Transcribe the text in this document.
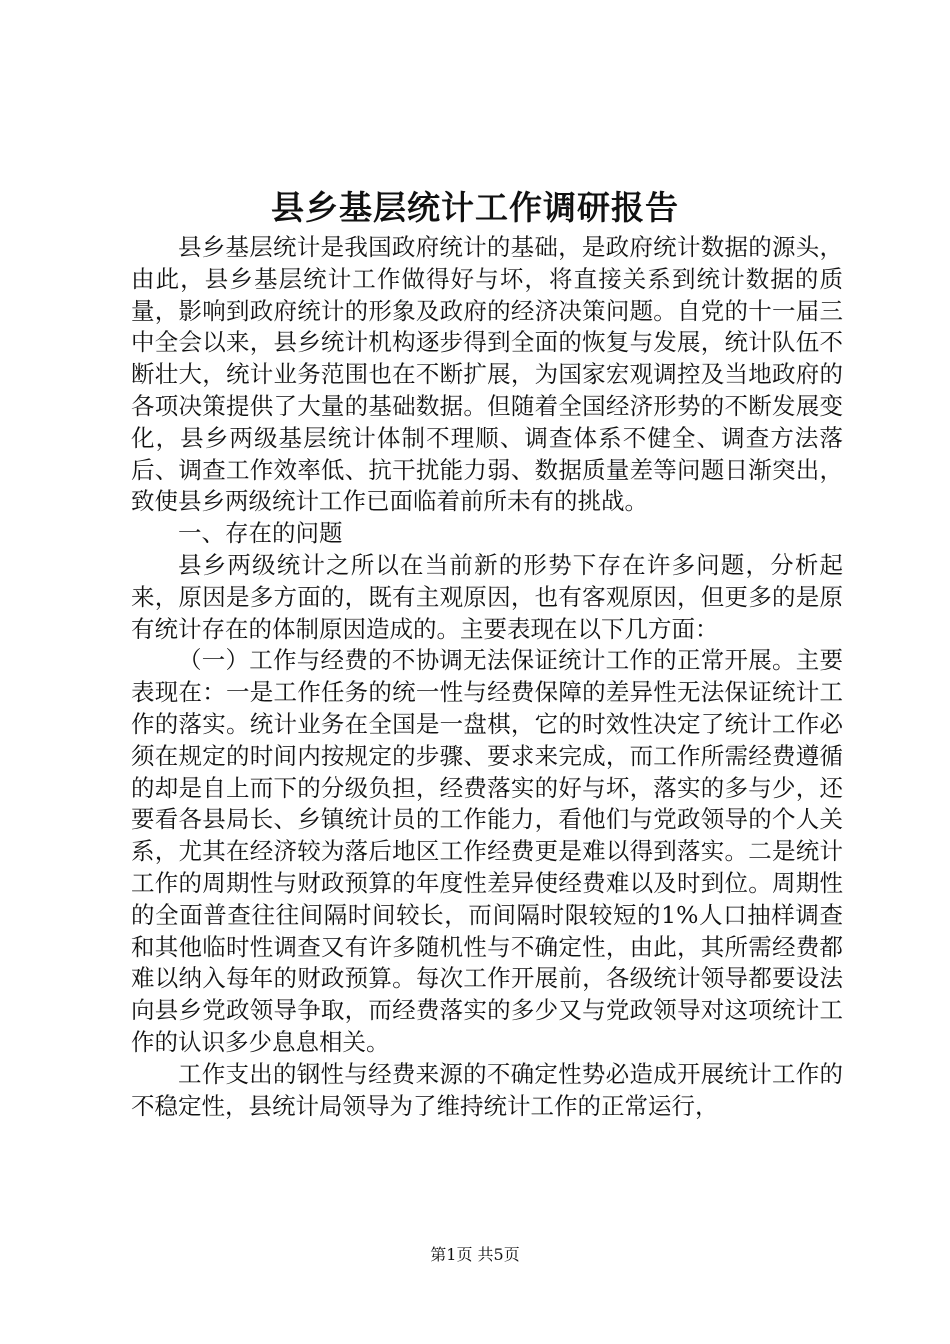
县乡基层统计工作调研报告

县乡基层统计是我国政府统计的基础，是政府统计数据的源头，由此，县乡基层统计工作做得好与坏，将直接关系到统计数据的质量，影响到政府统计的形象及政府的经济决策问题。自党的十一届三中全会以来，县乡统计机构逐步得到全面的恢复与发展，统计队伍不断壮大，统计业务范围也在不断扩展，为国家宏观调控及当地政府的各项决策提供了大量的基础数据。但随着全国经济形势的不断发展变化，县乡两级基层统计体制不理顺、调查体系不健全、调查方法落后、调查工作效率低、抗干扰能力弱、数据质量差等问题日渐突出，致使县乡两级统计工作已面临着前所未有的挑战。

一、存在的问题

县乡两级统计之所以在当前新的形势下存在许多问题，分析起来，原因是多方面的，既有主观原因，也有客观原因，但更多的是原有统计存在的体制原因造成的。主要表现在以下几方面：

（一）工作与经费的不协调无法保证统计工作的正常开展。主要表现在：一是工作任务的统一性与经费保障的差异性无法保证统计工作的落实。统计业务在全国是一盘棋，它的时效性决定了统计工作必须在规定的时间内按规定的步骤、要求来完成，而工作所需经费遵循的却是自上而下的分级负担，经费落实的好与坏，落实的多与少，还要看各县局长、乡镇统计员的工作能力，看他们与党政领导的个人关系，尤其在经济较为落后地区工作经费更是难以得到落实。二是统计工作的周期性与财政预算的年度性差异使经费难以及时到位。周期性的全面普查往往间隔时间较长，而间隔时限较短的1%人口抽样调查和其他临时性调查又有许多随机性与不确定性，由此，其所需经费都难以纳入每年的财政预算。每次工作开展前，各级统计领导都要设法向县乡党政领导争取，而经费落实的多少又与党政领导对这项统计工作的认识多少息息相关。

工作支出的钢性与经费来源的不确定性势必造成开展统计工作的不稳定性，县统计局领导为了维持统计工作的正常运行，

第1页 共5页
